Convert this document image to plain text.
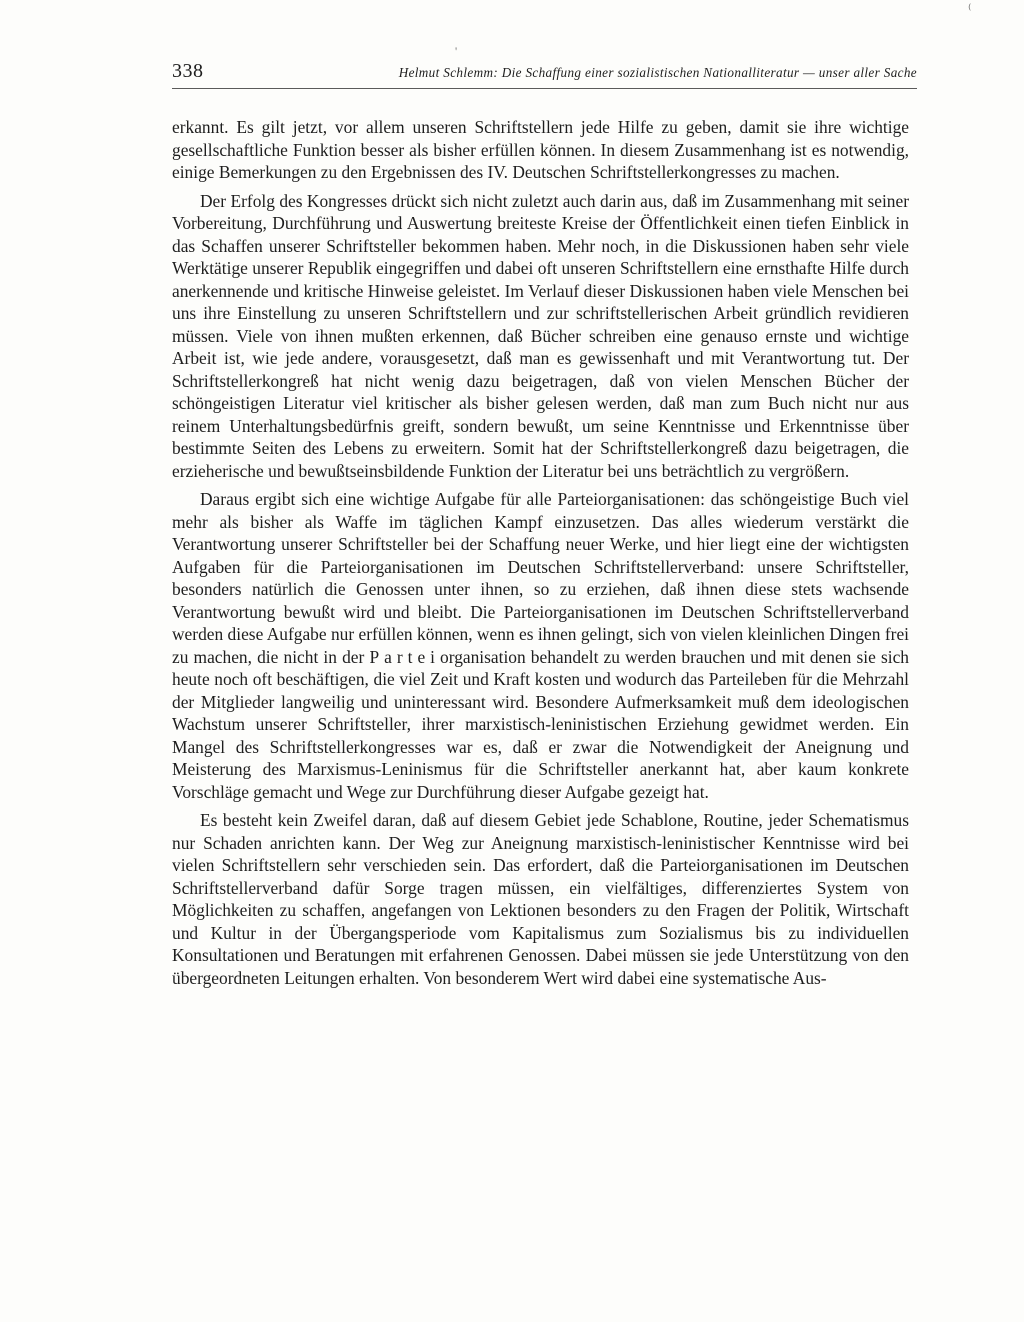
'
⁽
338	Helmut Schlemm: Die Schaffung einer sozialistischen Nationalliteratur — unser aller Sache

erkannt. Es gilt jetzt, vor allem unseren Schriftstellern jede Hilfe zu geben, damit sie ihre wichtige gesellschaftliche Funktion besser als bisher erfüllen können. In diesem Zusammenhang ist es notwendig, einige Bemerkungen zu den Ergebnissen des IV. Deutschen Schriftstellerkongresses zu machen.

Der Erfolg des Kongresses drückt sich nicht zuletzt auch darin aus, daß im Zusammenhang mit seiner Vorbereitung, Durchführung und Auswertung breiteste Kreise der Öffentlichkeit einen tiefen Einblick in das Schaffen unserer Schriftsteller bekommen haben. Mehr noch, in die Diskussionen haben sehr viele Werktätige unserer Republik eingegriffen und dabei oft unseren Schriftstellern eine ernsthafte Hilfe durch anerkennende und kritische Hinweise geleistet. Im Verlauf dieser Diskussionen haben viele Menschen bei uns ihre Einstellung zu unseren Schriftstellern und zur schriftstellerischen Arbeit gründlich revidieren müssen. Viele von ihnen mußten erkennen, daß Bücher schreiben eine genauso ernste und wichtige Arbeit ist, wie jede andere, vorausgesetzt, daß man es gewissenhaft und mit Verantwortung tut. Der Schriftstellerkongreß hat nicht wenig dazu beigetragen, daß von vielen Menschen Bücher der schöngeistigen Literatur viel kritischer als bisher gelesen werden, daß man zum Buch nicht nur aus reinem Unterhaltungsbedürfnis greift, sondern bewußt, um seine Kenntnisse und Erkenntnisse über bestimmte Seiten des Lebens zu erweitern. Somit hat der Schriftstellerkongreß dazu beigetragen, die erzieherische und bewußtseinsbildende Funktion der Literatur bei uns beträchtlich zu vergrößern.

Daraus ergibt sich eine wichtige Aufgabe für alle Parteiorganisationen: das schöngeistige Buch viel mehr als bisher als Waffe im täglichen Kampf einzusetzen. Das alles wiederum verstärkt die Verantwortung unserer Schriftsteller bei der Schaffung neuer Werke, und hier liegt eine der wichtigsten Aufgaben für die Parteiorganisationen im Deutschen Schriftstellerverband: unsere Schriftsteller, besonders natürlich die Genossen unter ihnen, so zu erziehen, daß ihnen diese stets wachsende Verantwortung bewußt wird und bleibt. Die Parteiorganisationen im Deutschen Schriftstellerverband werden diese Aufgabe nur erfüllen können, wenn es ihnen gelingt, sich von vielen kleinlichen Dingen frei zu machen, die nicht in der Parteiorganisation behandelt zu werden brauchen und mit denen sie sich heute noch oft beschäftigen, die viel Zeit und Kraft kosten und wodurch das Parteileben für die Mehrzahl der Mitglieder langweilig und uninteressant wird. Besondere Aufmerksamkeit muß dem ideologischen Wachstum unserer Schriftsteller, ihrer marxistisch-leninistischen Erziehung gewidmet werden. Ein Mangel des Schriftstellerkongresses war es, daß er zwar die Notwendigkeit der Aneignung und Meisterung des Marxismus-Leninismus für die Schriftsteller anerkannt hat, aber kaum konkrete Vorschläge gemacht und Wege zur Durchführung dieser Aufgabe gezeigt hat.

Es besteht kein Zweifel daran, daß auf diesem Gebiet jede Schablone, Routine, jeder Schematismus nur Schaden anrichten kann. Der Weg zur Aneignung marxistisch-leninistischer Kenntnisse wird bei vielen Schriftstellern sehr verschieden sein. Das erfordert, daß die Parteiorganisationen im Deutschen Schriftstellerverband dafür Sorge tragen müssen, ein vielfältiges, differenziertes System von Möglichkeiten zu schaffen, angefangen von Lektionen besonders zu den Fragen der Politik, Wirtschaft und Kultur in der Übergangsperiode vom Kapitalismus zum Sozialismus bis zu individuellen Konsultationen und Beratungen mit erfahrenen Genossen. Dabei müssen sie jede Unterstützung von den übergeordneten Leitungen erhalten. Von besonderem Wert wird dabei eine systematische Aus-
